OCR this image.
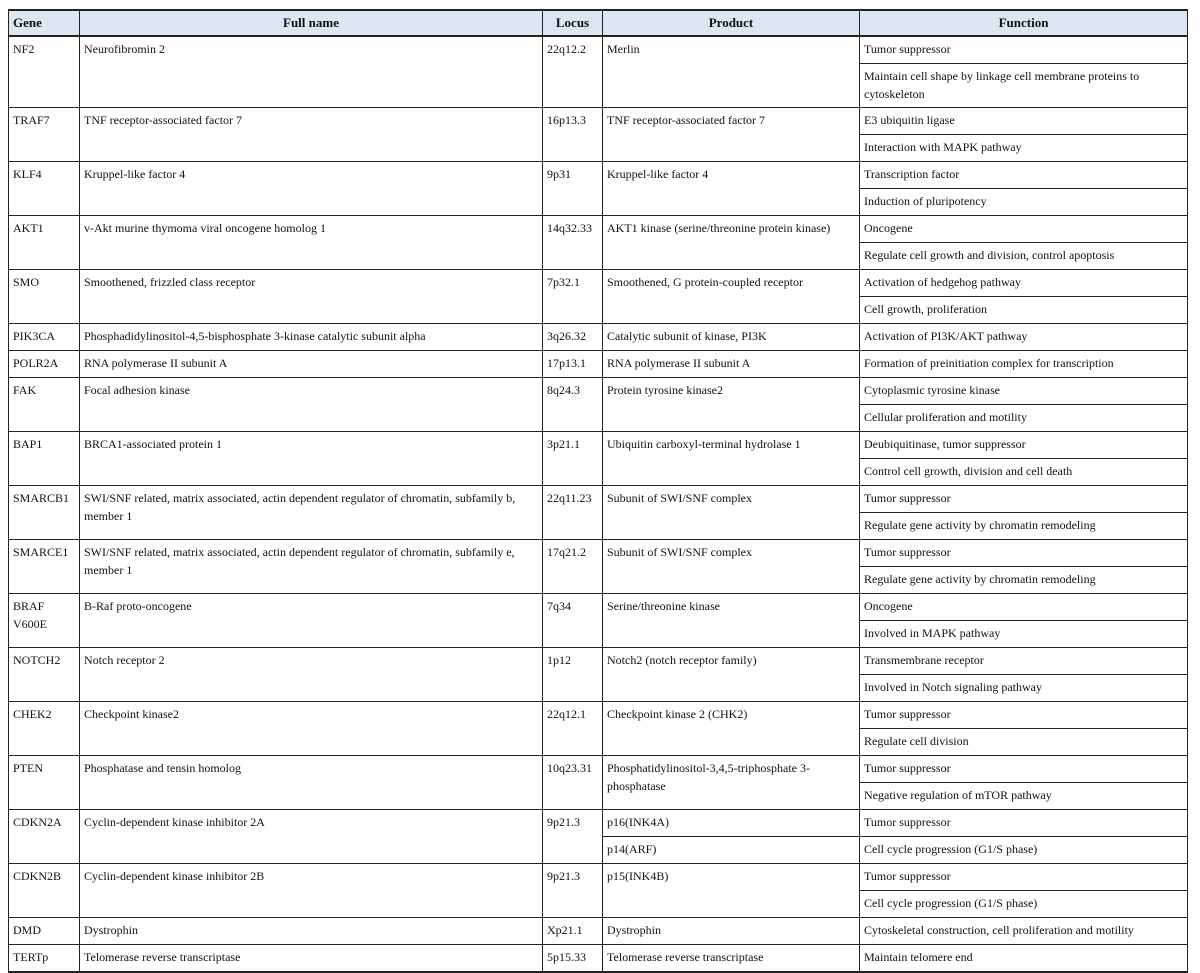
Gene	Full name	Locus	Product	Function
NF2	Neurofibromin 2	22q12.2	Merlin	Tumor suppressor
				Maintain cell shape by linkage cell membrane proteins to cytoskeleton
TRAF7	TNF receptor-associated factor 7	16p13.3	TNF receptor-associated factor 7	E3 ubiquitin ligase
				Interaction with MAPK pathway
KLF4	Kruppel-like factor 4	9p31	Kruppel-like factor 4	Transcription factor
				Induction of pluripotency
AKT1	v-Akt murine thymoma viral oncogene homolog 1	14q32.33	AKT1 kinase (serine/threonine protein kinase)	Oncogene
				Regulate cell growth and division, control apoptosis
SMO	Smoothened, frizzled class receptor	7p32.1	Smoothened, G protein-coupled receptor	Activation of hedgehog pathway
				Cell growth, proliferation
PIK3CA	Phosphadidylinositol-4,5-bisphosphate 3-kinase catalytic subunit alpha	3q26.32	Catalytic subunit of kinase, PI3K	Activation of PI3K/AKT pathway
POLR2A	RNA polymerase II subunit A	17p13.1	RNA polymerase II subunit A	Formation of preinitiation complex for transcription
FAK	Focal adhesion kinase	8q24.3	Protein tyrosine kinase2	Cytoplasmic tyrosine kinase
				Cellular proliferation and motility
BAP1	BRCA1-associated protein 1	3p21.1	Ubiquitin carboxyl-terminal hydrolase 1	Deubiquitinase, tumor suppressor
				Control cell growth, division and cell death
SMARCB1	SWI/SNF related, matrix associated, actin dependent regulator of chromatin, subfamily b, member 1	22q11.23	Subunit of SWI/SNF complex	Tumor suppressor
				Regulate gene activity by chromatin remodeling
SMARCE1	SWI/SNF related, matrix associated, actin dependent regulator of chromatin, subfamily e, member 1	17q21.2	Subunit of SWI/SNF complex	Tumor suppressor
				Regulate gene activity by chromatin remodeling
BRAF V600E	B-Raf proto-oncogene	7q34	Serine/threonine kinase	Oncogene
				Involved in MAPK pathway
NOTCH2	Notch receptor 2	1p12	Notch2 (notch receptor family)	Transmembrane receptor
				Involved in Notch signaling pathway
CHEK2	Checkpoint kinase2	22q12.1	Checkpoint kinase 2 (CHK2)	Tumor suppressor
				Regulate cell division
PTEN	Phosphatase and tensin homolog	10q23.31	Phosphatidylinositol-3,4,5-triphosphate 3-phosphatase	Tumor suppressor
				Negative regulation of mTOR pathway
CDKN2A	Cyclin-dependent kinase inhibitor 2A	9p21.3	p16(INK4A)	Tumor suppressor
			p14(ARF)	Cell cycle progression (G1/S phase)
CDKN2B	Cyclin-dependent kinase inhibitor 2B	9p21.3	p15(INK4B)	Tumor suppressor
				Cell cycle progression (G1/S phase)
DMD	Dystrophin	Xp21.1	Dystrophin	Cytoskeletal construction, cell proliferation and motility
TERTp	Telomerase reverse transcriptase	5p15.33	Telomerase reverse transcriptase	Maintain telomere end
